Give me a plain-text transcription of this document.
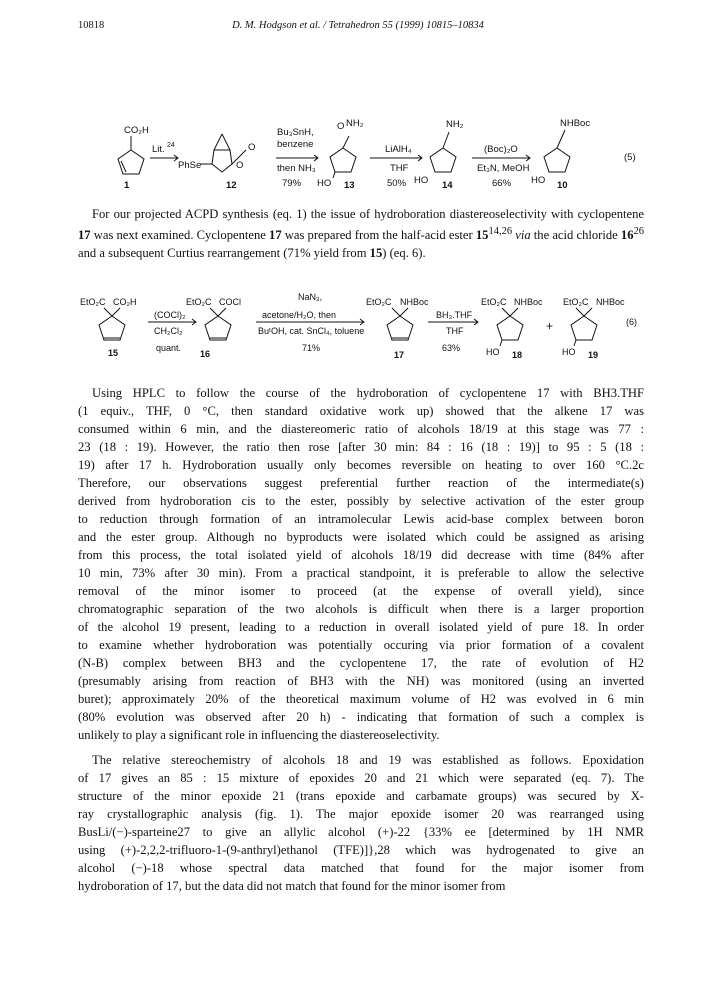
10818	D. M. Hodgson et al. / Tetrahedron 55 (1999) 10815–10834
CO₂H
1
Lit. 24
PhSe	O
O
12
Bu₃SnH,
benzene
then NH₃
79%
O NH₂
HO 13
LiAlH₄
THF
50%
NH₂
HO 14
(Boc)₂O
Et₃N, MeOH
66%
NHBoc
HO 10
(5)

For our projected ACPD synthesis (eq. 1) the issue of hydroboration diastereoselectivity with cyclopentene 17 was next examined. Cyclopentene 17 was prepared from the half-acid ester 15$^{14,26}$ via the acid chloride $16^{26}$ and a subsequent Curtius rearrangement (71% yield from 15) (eq. 6).

EtO₂C CO₂H
15
(COCl)₂
CH₂Cl₂
quant.
EtO₂C COCl
16
NaN₃,
acetone/H₂O, then
BuᵗOH, cat. SnCl₄, toluene
71%
EtO₂C NHBoc
17
BH₃.THF
THF
63%
EtO₂C NHBoc
HO 18
+
EtO₂C NHBoc
HO 19
(6)
Using HPLC to follow the course of the hydroboration of cyclopentene 17 with BH3.THF
(1 equiv., THF, 0 °C, then standard oxidative work up) showed that the alkene 17 was
consumed within 6 min, and the diastereomeric ratio of alcohols 18/19 at this stage was 77 :
23 (18 : 19). However, the ratio then rose [after 30 min: 84 : 16 (18 : 19)] to 95 : 5 (18 :
19) after 17 h. Hydroboration usually only becomes reversible on heating to over 160 °C.2c
Therefore, our observations suggest preferential further reaction of the intermediate(s)
derived from hydroboration cis to the ester, possibly by selective activation of the ester group
to reduction through formation of an intramolecular Lewis acid-base complex between boron
and the ester group. Although no byproducts were isolated which could be assigned as arising
from this process, the total isolated yield of alcohols 18/19 did decrease with time (84% after
10 min, 73% after 30 min). From a practical standpoint, it is preferable to allow the selective
removal of the minor isomer to proceed (at the expense of overall yield), since
chromatographic separation of the two alcohols is difficult when there is a larger proportion
of the alcohol 19 present, leading to a reduction in overall isolated yield of pure 18. In order
to examine whether hydroboration was potentially occuring via prior formation of a covalent
(N-B) complex between BH3 and the cyclopentene 17, the rate of evolution of H2
(presumably arising from reaction of BH3 with the NH) was monitored (using an inverted
buret); approximately 20% of the theoretical maximum volume of H2 was evolved in 6 min
(80% evolution was observed after 20 h) - indicating that formation of such a complex is
unlikely to play a significant role in influencing the diastereoselectivity.
The relative stereochemistry of alcohols 18 and 19 was established as follows. Epoxidation
of 17 gives an 85 : 15 mixture of epoxides 20 and 21 which were separated (eq. 7). The
structure of the minor epoxide 21 (trans epoxide and carbamate groups) was secured by X-
ray crystallographic analysis (fig. 1). The major epoxide isomer 20 was rearranged using
BusLi/(−)-sparteine27 to give an allylic alcohol (+)-22 {33% ee [determined by 1H NMR
using (+)-2,2,2-trifluoro-1-(9-anthryl)ethanol (TFE)]},28 which was hydrogenated to give an
alcohol (−)-18 whose spectral data matched that found for the major isomer from
hydroboration of 17, but the data did not match that found for the minor isomer from
